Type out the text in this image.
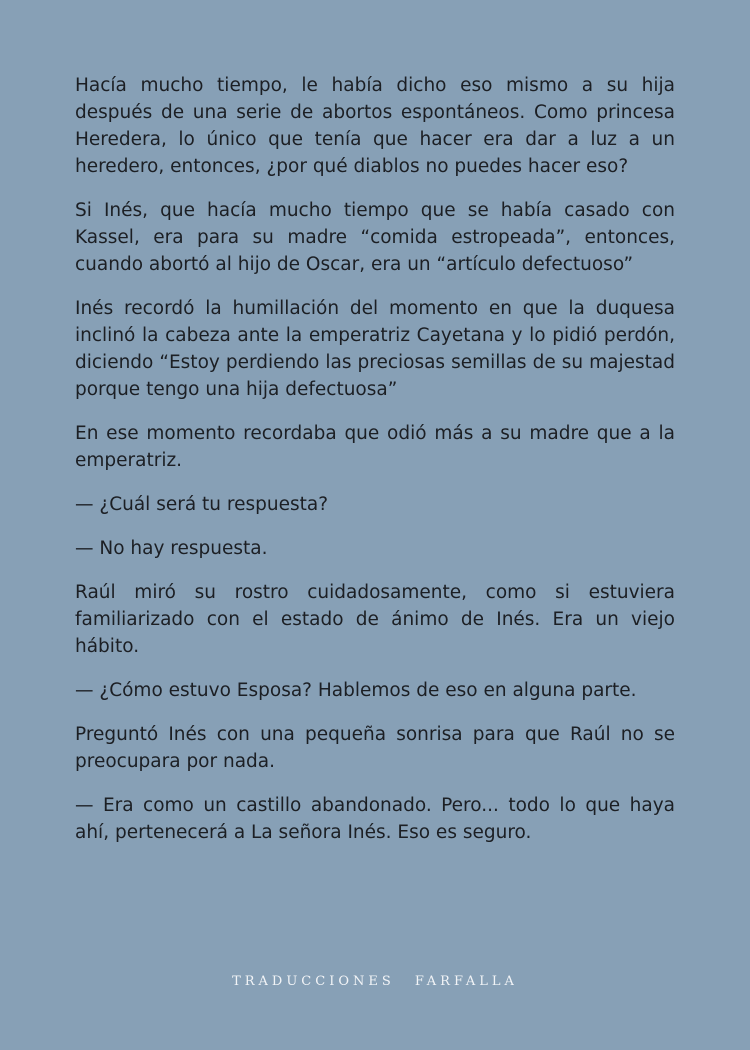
Hacía mucho tiempo, le había dicho eso mismo a su hija después de una serie de abortos espontáneos. Como princesa Heredera, lo único que tenía que hacer era dar a luz a un heredero, entonces, ¿por qué diablos no puedes hacer eso?

Si Inés, que hacía mucho tiempo que se había casado con Kassel, era para su madre “comida estropeada”, entonces, cuando abortó al hijo de Oscar, era un “artículo defectuoso”

Inés recordó la humillación del momento en que la duquesa inclinó la cabeza ante la emperatriz Cayetana y lo pidió perdón, diciendo “Estoy perdiendo las preciosas semillas de su majestad porque tengo una hija defectuosa”

En ese momento recordaba que odió más a su madre que a la emperatriz.

— ¿Cuál será tu respuesta?

— No hay respuesta.

Raúl miró su rostro cuidadosamente, como si estuviera familiarizado con el estado de ánimo de Inés. Era un viejo hábito.

— ¿Cómo estuvo Esposa? Hablemos de eso en alguna parte.

Preguntó Inés con una pequeña sonrisa para que Raúl no se preocupara por nada.

— Era como un castillo abandonado. Pero... todo lo que haya ahí, pertenecerá a La señora Inés. Eso es seguro.

TRADUCCIONES FARFALLA
